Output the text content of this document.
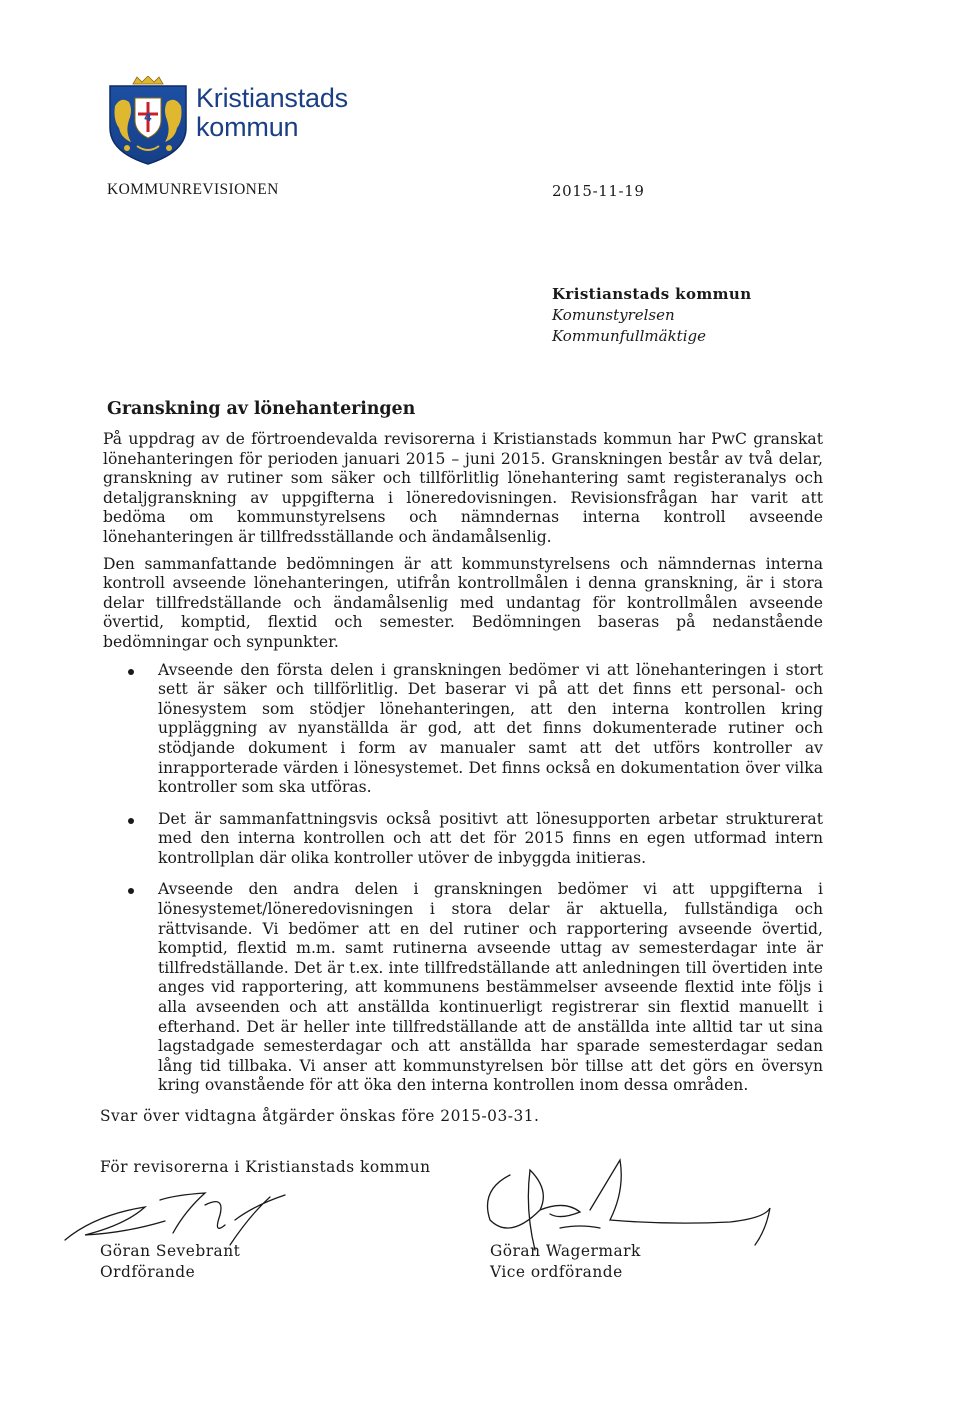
4
Kristianstads
kommun
KOMMUNREVISIONEN	2015-11-19
Kristianstads kommun
Komunstyrelsen
Kommunfullmäktige
Granskning av lönehanteringen

På uppdrag av de förtroendevalda revisorerna i Kristianstads kommun har PwC granskat lönehanteringen för perioden januari 2015 – juni 2015. Granskningen består av två delar, granskning av rutiner som säker och tillförlitlig lönehantering samt registeranalys och detaljgranskning av uppgifterna i löneredovisningen. Revisionsfrågan har varit att bedöma om kommunstyrelsens och nämndernas interna kontroll avseende lönehanteringen är tillfredsställande och ändamålsenlig.

Den sammanfattande bedömningen är att kommunstyrelsens och nämndernas interna kontroll avseende lönehanteringen, utifrån kontrollmålen i denna granskning, är i stora delar tillfredställande och ändamålsenlig med undantag för kontrollmålen avseende övertid, komptid, flextid och semester. Bedömningen baseras på nedanstående bedömningar och synpunkter.

Avseende den första delen i granskningen bedömer vi att lönehanteringen i stort sett är säker och tillförlitlig. Det baserar vi på att det finns ett personal- och lönesystem som stödjer lönehanteringen, att den interna kontrollen kring uppläggning av nyanställda är god, att det finns dokumenterade rutiner och stödjande dokument i form av manualer samt att det utförs kontroller av inrapporterade värden i lönesystemet. Det finns också en dokumentation över vilka kontroller som ska utföras.
Det är sammanfattningsvis också positivt att lönesupporten arbetar strukturerat med den interna kontrollen och att det för 2015 finns en egen utformad intern kontrollplan där olika kontroller utöver de inbyggda initieras.
Avseende den andra delen i granskningen bedömer vi att uppgifterna i lönesystemet/löneredovisningen i stora delar är aktuella, fullständiga och rättvisande. Vi bedömer att en del rutiner och rapportering avseende övertid, komptid, flextid m.m. samt rutinerna avseende uttag av semesterdagar inte är tillfredställande. Det är t.ex. inte tillfredställande att anledningen till övertiden inte anges vid rapportering, att kommunens bestämmelser avseende flextid inte följs i alla avseenden och att anställda kontinuerligt registrerar sin flextid manuellt i efterhand. Det är heller inte tillfredställande att de anställda inte alltid tar ut sina lagstadgade semesterdagar och att anställda har sparade semesterdagar sedan lång tid tillbaka. Vi anser att kommunstyrelsen bör tillse att det görs en översyn kring ovanstående för att öka den interna kontrollen inom dessa områden.
Svar över vidtagna åtgärder önskas före 2015-03-31.
För revisorerna i Kristianstads kommun
Göran Sevebrant
Ordförande
Göran Wagermark
Vice ordförande
